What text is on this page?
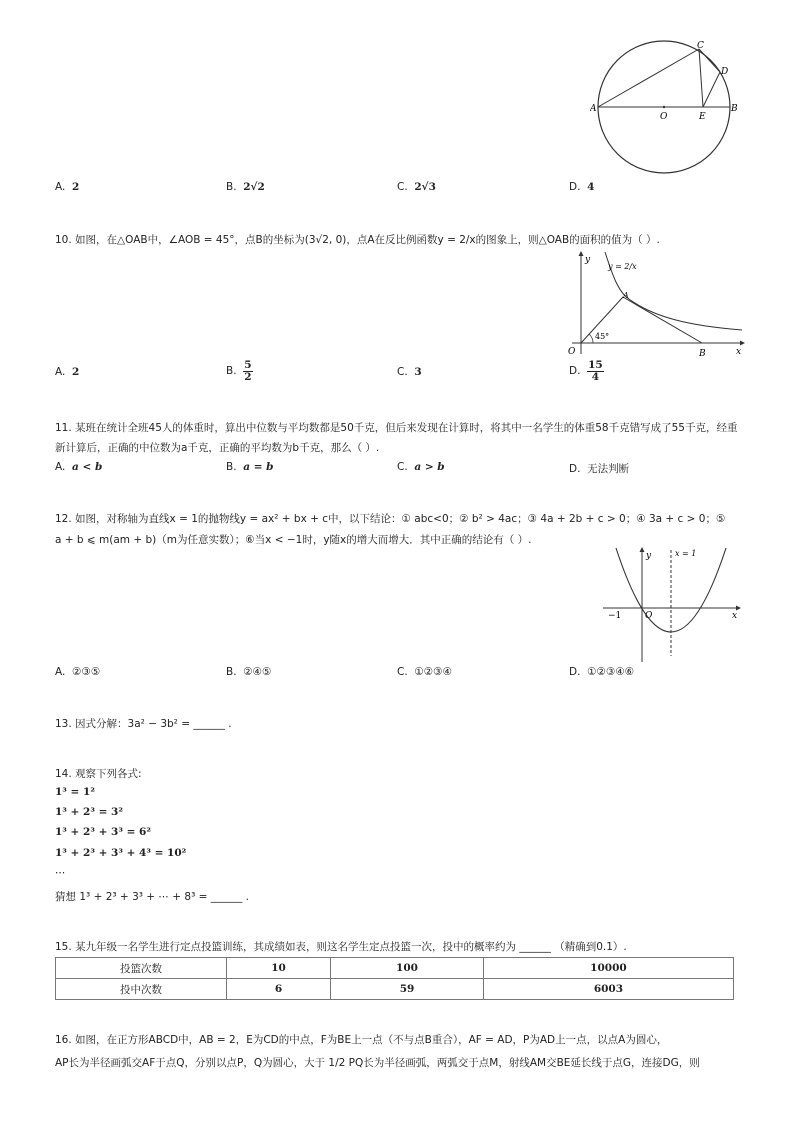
A
O	E
B
C
D
A. 2	B. 2√2	C. 2√3	D. 4
10. 如图，在△OAB中，∠AOB = 45°，点B的坐标为(3√2, 0)，点A在反比例函数y = 2/x的图象上，则△OAB的面积的值为（ ）.
y
y = 2/x
A
45°
O	B	x
A. 2	B. $\frac{5}{2}$	C. 3	D. $\frac{15}{4}$
11. 某班在统计全班45人的体重时，算出中位数与平均数都是50千克，但后来发现在计算时，将其中一名学生的体重58千克错写成了55千克，经重
新计算后，正确的中位数为a千克，正确的平均数为b千克，那么（ ）.
A. a < b	B. a = b	C. a > b	D. 无法判断
12. 如图，对称轴为直线x = 1的抛物线y = ax² + bx + c中，以下结论：① abc<0；② b² > 4ac；③ 4a + 2b + c > 0；④ 3a + c > 0；⑤
a + b ⩽ m(am + b)（m为任意实数）；⑥当x < −1时，y随x的增大而增大．其中正确的结论有（ ）.
y	x = 1
−1	O	x
A. ②③⑤	B. ②④⑤	C. ①②③④	D. ①②③④⑥
13. 因式分解：3a² − 3b² = ______ .
14. 观察下列各式:
1³ = 1²
1³ + 2³ = 3²
1³ + 2³ + 3³ = 6²
1³ + 2³ + 3³ + 4³ = 10²
⋯
猜想 1³ + 2³ + 3³ + ⋯ + 8³ = ______ .
15. 某九年级一名学生进行定点投篮训练，其成绩如表，则这名学生定点投篮一次，投中的概率约为 ______ （精确到0.1）.
投篮次数	10	100	10000
投中次数	6	59	6003
16. 如图，在正方形ABCD中，AB = 2，E为CD的中点，F为BE上一点（不与点B重合），AF = AD，P为AD上一点，以点A为圆心，
AP长为半径画弧交AF于点Q，分别以点P，Q为圆心，大于 1/2 PQ长为半径画弧，两弧交于点M，射线AM交BE延长线于点G，连接DG，则
